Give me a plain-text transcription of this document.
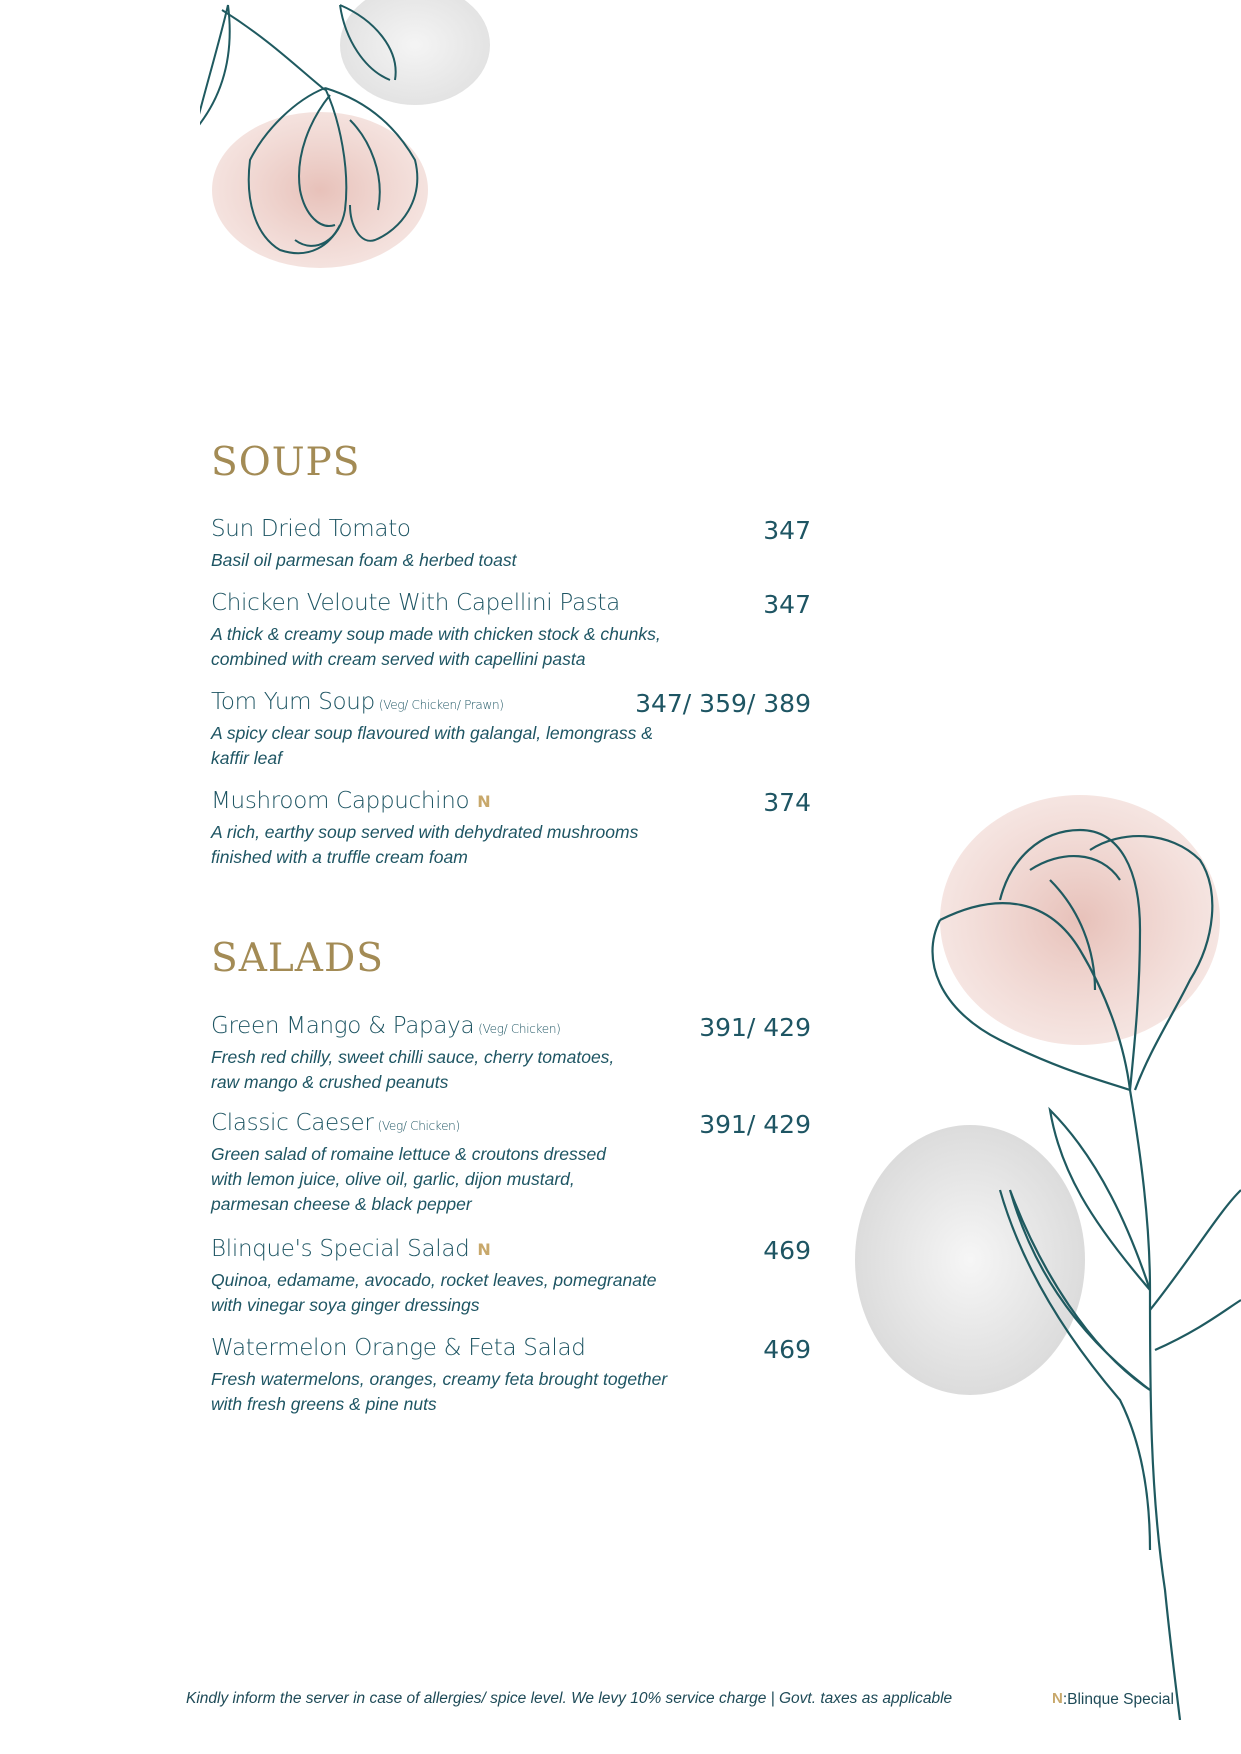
SOUPS
Sun Dried Tomato	347

Basil oil parmesan foam & herbed toast

Chicken Veloute With Capellini Pasta	347

A thick & creamy soup made with chicken stock & chunks,
combined with cream served with capellini pasta

Tom Yum Soup (Veg/ Chicken/ Prawn)	347/ 359/ 389

A spicy clear soup flavoured with galangal, lemongrass &
kaffir leaf

Mushroom Cappuchino N	374

A rich, earthy soup served with dehydrated mushrooms
finished with a truffle cream foam

SALADS
Green Mango & Papaya (Veg/ Chicken)	391/ 429

Fresh red chilly, sweet chilli sauce, cherry tomatoes,
raw mango & crushed peanuts

Classic Caeser (Veg/ Chicken)	391/ 429

Green salad of romaine lettuce & croutons dressed
with lemon juice, olive oil, garlic, dijon mustard,
parmesan cheese & black pepper

Blinque's Special Salad N	469

Quinoa, edamame, avocado, rocket leaves, pomegranate
with vinegar soya ginger dressings

Watermelon Orange & Feta Salad	469

Fresh watermelons, oranges, creamy feta brought together
with fresh greens & pine nuts

Kindly inform the server in case of allergies/ spice level. We levy 10% service charge | Govt. taxes as applicable	N:Blinque Special
